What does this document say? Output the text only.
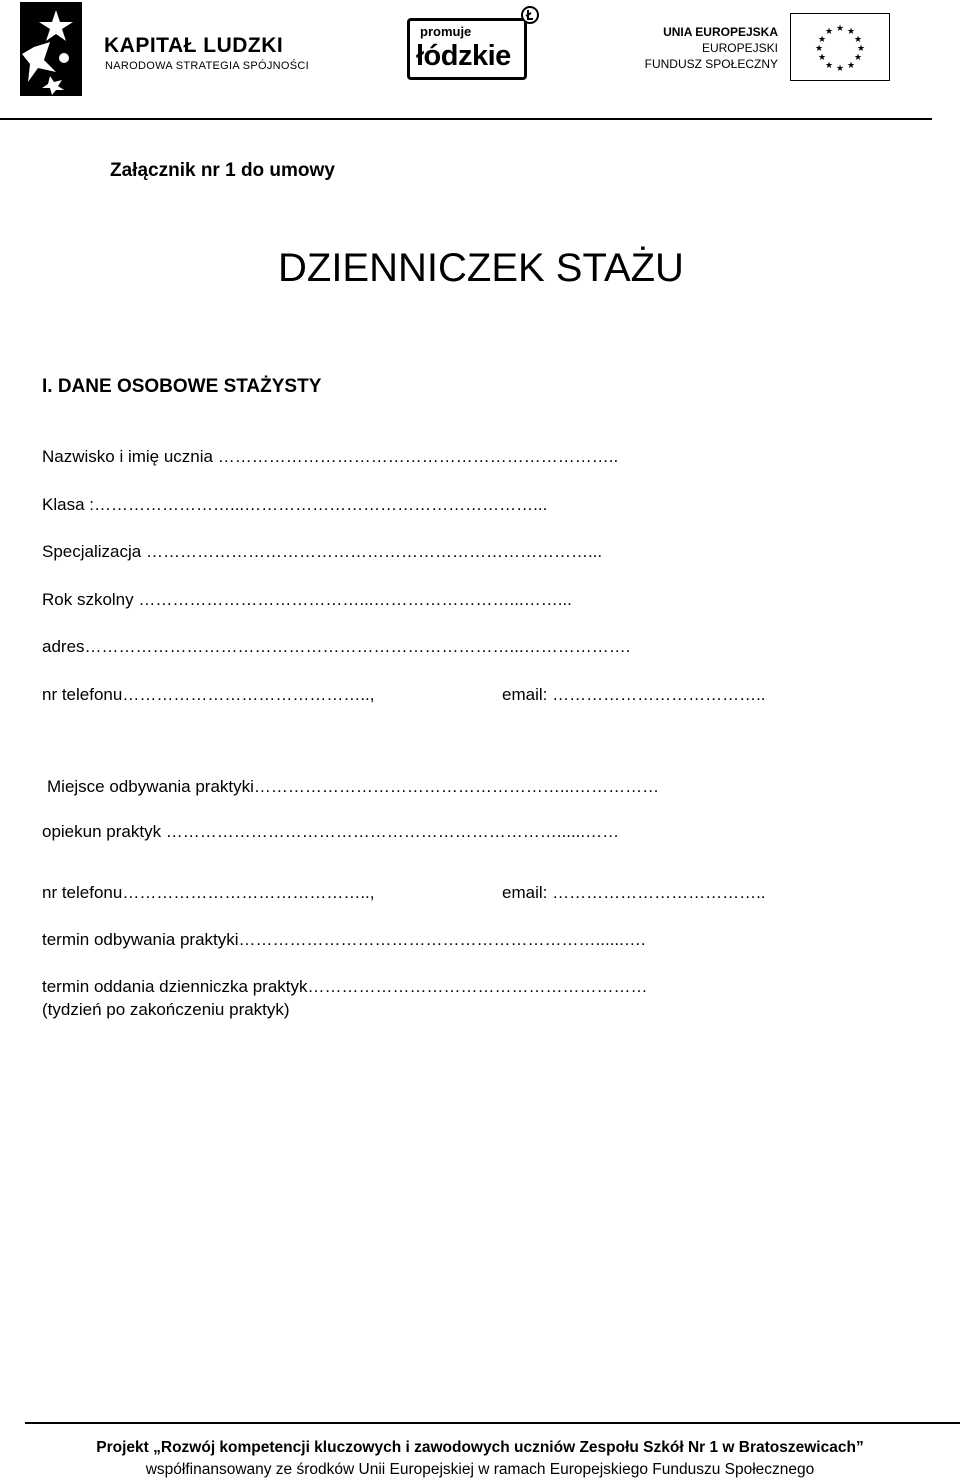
KAPITAŁ LUDZKI
NARODOWA STRATEGIA SPÓJNOŚCI
promuje
łódzkie
UNIA EUROPEJSKA
EUROPEJSKI
FUNDUSZ SPOŁECZNY
★ ★
★
★
★
★
★
★
★
★
★
★
Załącznik nr 1 do umowy
DZIENNICZEK STAŻU
I. DANE OSOBOWE STAŻYSTY
Nazwisko i imię ucznia ……………………………………………………………..
Klasa :……………………...……………………………………………...
Specjalizacja ……………………………………………………………………...
Rok szkolny …………………………………...……………………...……...
adres…………………………………………………………………...……………….
nr telefonu……………………………………..,	email: ………………………………..
Miejsce odbywania praktyki………………………………………………...……………
opiekun praktyk ……………………………………………………………......……
nr telefonu……………………………………..,	email: ………………………………..
termin odbywania praktyki………………………………………………………......….
termin oddania dzienniczka praktyk……………………………………………………
(tydzień po zakończeniu praktyk)
Projekt „Rozwój kompetencji kluczowych i zawodowych uczniów Zespołu Szkół Nr 1 w Bratoszewicach”
współfinansowany ze środków Unii Europejskiej w ramach Europejskiego Funduszu Społecznego
